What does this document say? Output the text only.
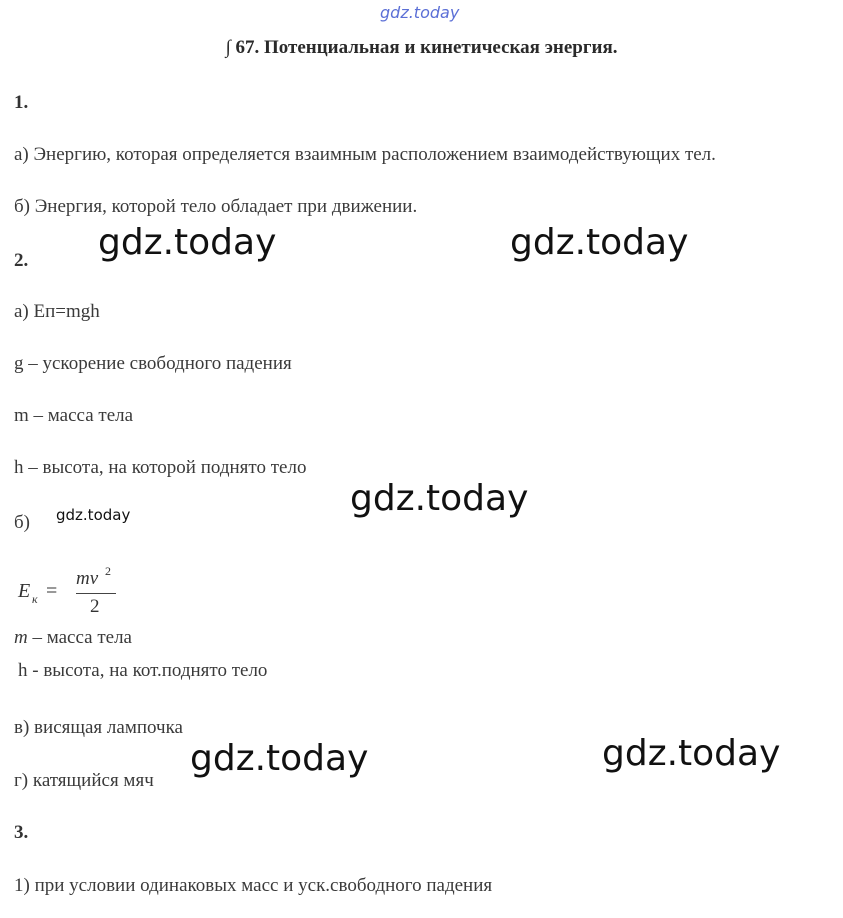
gdz.today
∫ 67. Потенциальная и кинетическая энергия.
1.
а) Энергию, которая определяется взаимным расположением взаимодействующих тел.
б) Энергия, которой тело обладает при движении.
2.
а) Еп=mgh
g – ускорение свободного падения
m – масса тела
h – высота, на которой поднято тело
б)
E к =
mv 2
2
m – масса тела
h - высота, на кот.поднято тело
в) висящая лампочка
г) катящийся мяч
3.
1) при условии одинаковых масс и уск.свободного падения
gdz.today	gdz.today
gdz.today
gdz.today
gdz.today	gdz.today
